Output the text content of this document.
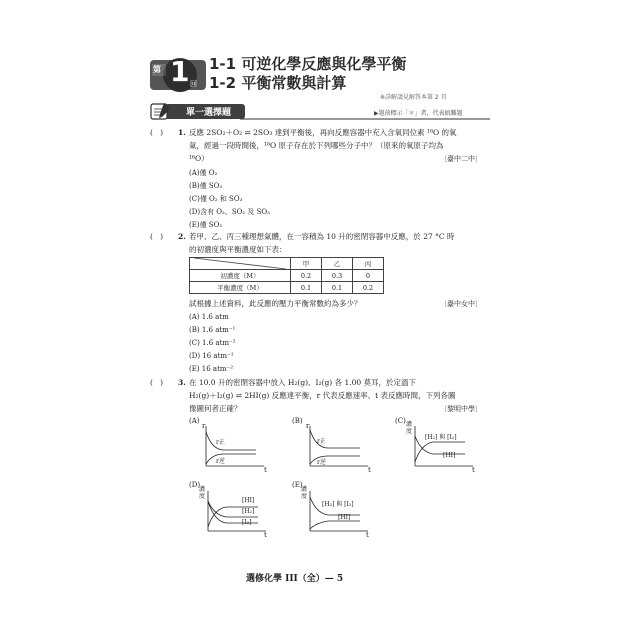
第 1 回
1-1 可逆化學反應與化學平衡
1-2 平衡常數與計算
※詳解請見解答本第 2 頁
單一選擇題	▶題前標示「＊」者，代表搞難題
(   ) 1. 反應 2SO₂＋O₂ ⇌ 2SO₃ 達到平衡後，再向反應容器中充入含氧同位素 ¹⁸O 的氧
氣，經過一段時間後，¹⁸O 原子存在於下列哪些分子中？（原來的氧原子均為
¹⁶O）	〔臺中二中〕
(A)僅 O₂
(B)僅 SO₃
(C)僅 O₂ 和 SO₃
(D)含有 O₂、SO₂ 及 SO₃
(E)僅 SO₂
(   ) 2. 若甲、乙、丙三種理想氣體，在一容積為 10 升的密閉容器中反應，於 27 °C 時
的初濃度與平衡濃度如下表：
	甲	乙	丙
初濃度（M）	0.2	0.3	0
平衡濃度（M）	0.1	0.1	0.2
試根據上述資料，此反應的壓力平衡常數約為多少？	〔臺中女中〕
(A) 1.6 atm
(B) 1.6 atm⁻¹
(C) 1.6 atm⁻²
(D) 16 atm⁻¹
(E) 16 atm⁻²
(   ) 3. 在 10.0 升的密閉容器中放入 H₂(g)、I₂(g) 各 1.00 莫耳，於定溫下
H₂(g)＋I₂(g) ⇌ 2HI(g) 反應達平衡，r 代表反應速率、t 表反應時間，下列各圖
像圖何者正確？	〔黎明中學〕
(A)
r
t
r正
r逆
(B)
r
t
r正
r逆
(C) 濃度
t
[H₂] 與 [I₂]
[HI]
(D)
濃度
t
[HI]
[H₂]
[I₂]
(E)
濃度
t
[H₂] 與 [I₂]
[HI]
選修化學 III（全）— 5
